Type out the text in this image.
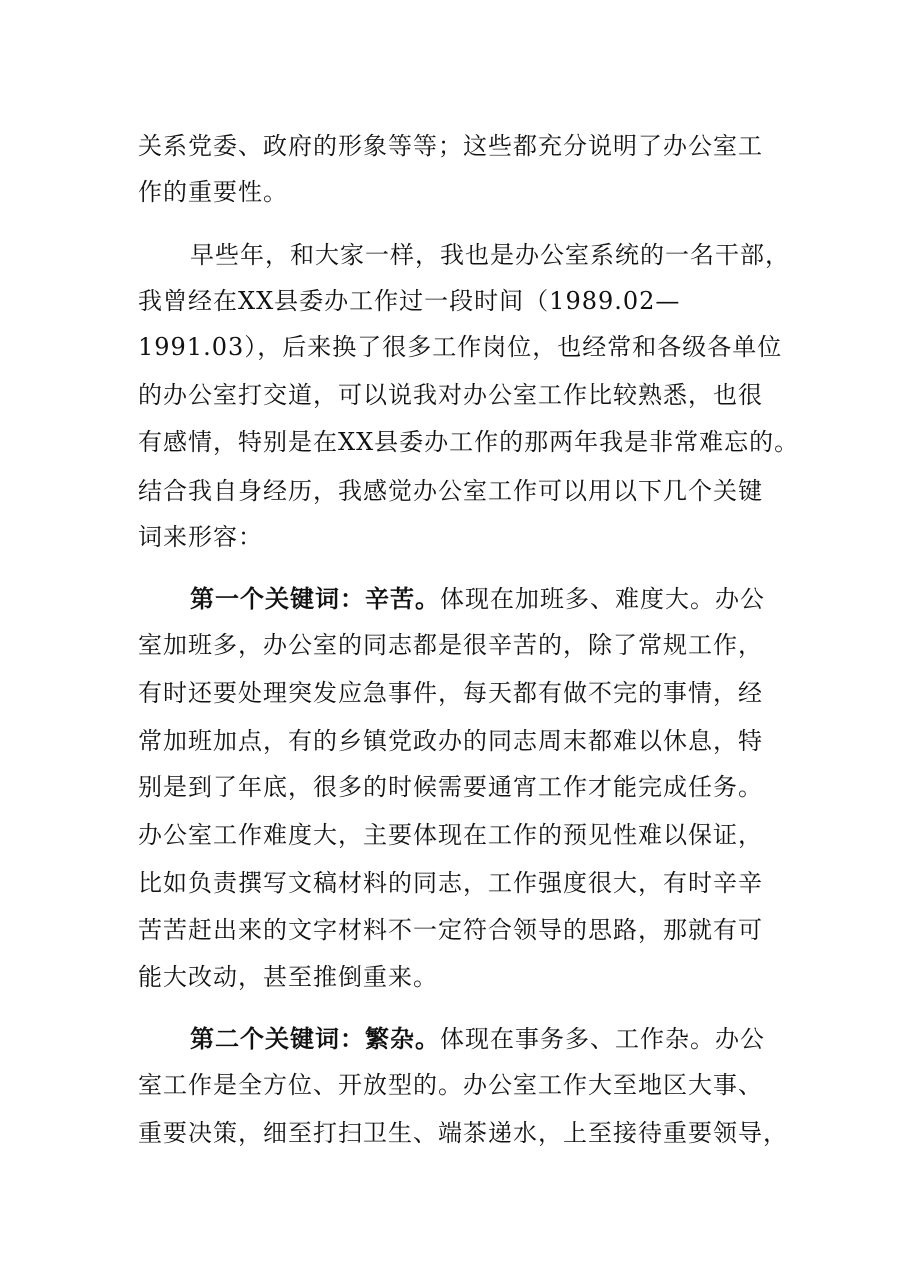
关系党委、政府的形象等等；这些都充分说明了办公室工
作的重要性。
早些年，和大家一样，我也是办公室系统的一名干部，
我曾经在XX县委办工作过一段时间（1989.02—
1991.03），后来换了很多工作岗位，也经常和各级各单位
的办公室打交道，可以说我对办公室工作比较熟悉，也很
有感情，特别是在XX县委办工作的那两年我是非常难忘的。
结合我自身经历，我感觉办公室工作可以用以下几个关键
词来形容：
第一个关键词：辛苦。体现在加班多、难度大。办公
室加班多，办公室的同志都是很辛苦的，除了常规工作，
有时还要处理突发应急事件，每天都有做不完的事情，经
常加班加点，有的乡镇党政办的同志周末都难以休息，特
别是到了年底，很多的时候需要通宵工作才能完成任务。
办公室工作难度大，主要体现在工作的预见性难以保证，
比如负责撰写文稿材料的同志，工作强度很大，有时辛辛
苦苦赶出来的文字材料不一定符合领导的思路，那就有可
能大改动，甚至推倒重来。
第二个关键词：繁杂。体现在事务多、工作杂。办公
室工作是全方位、开放型的。办公室工作大至地区大事、
重要决策，细至打扫卫生、端茶递水，上至接待重要领导，
